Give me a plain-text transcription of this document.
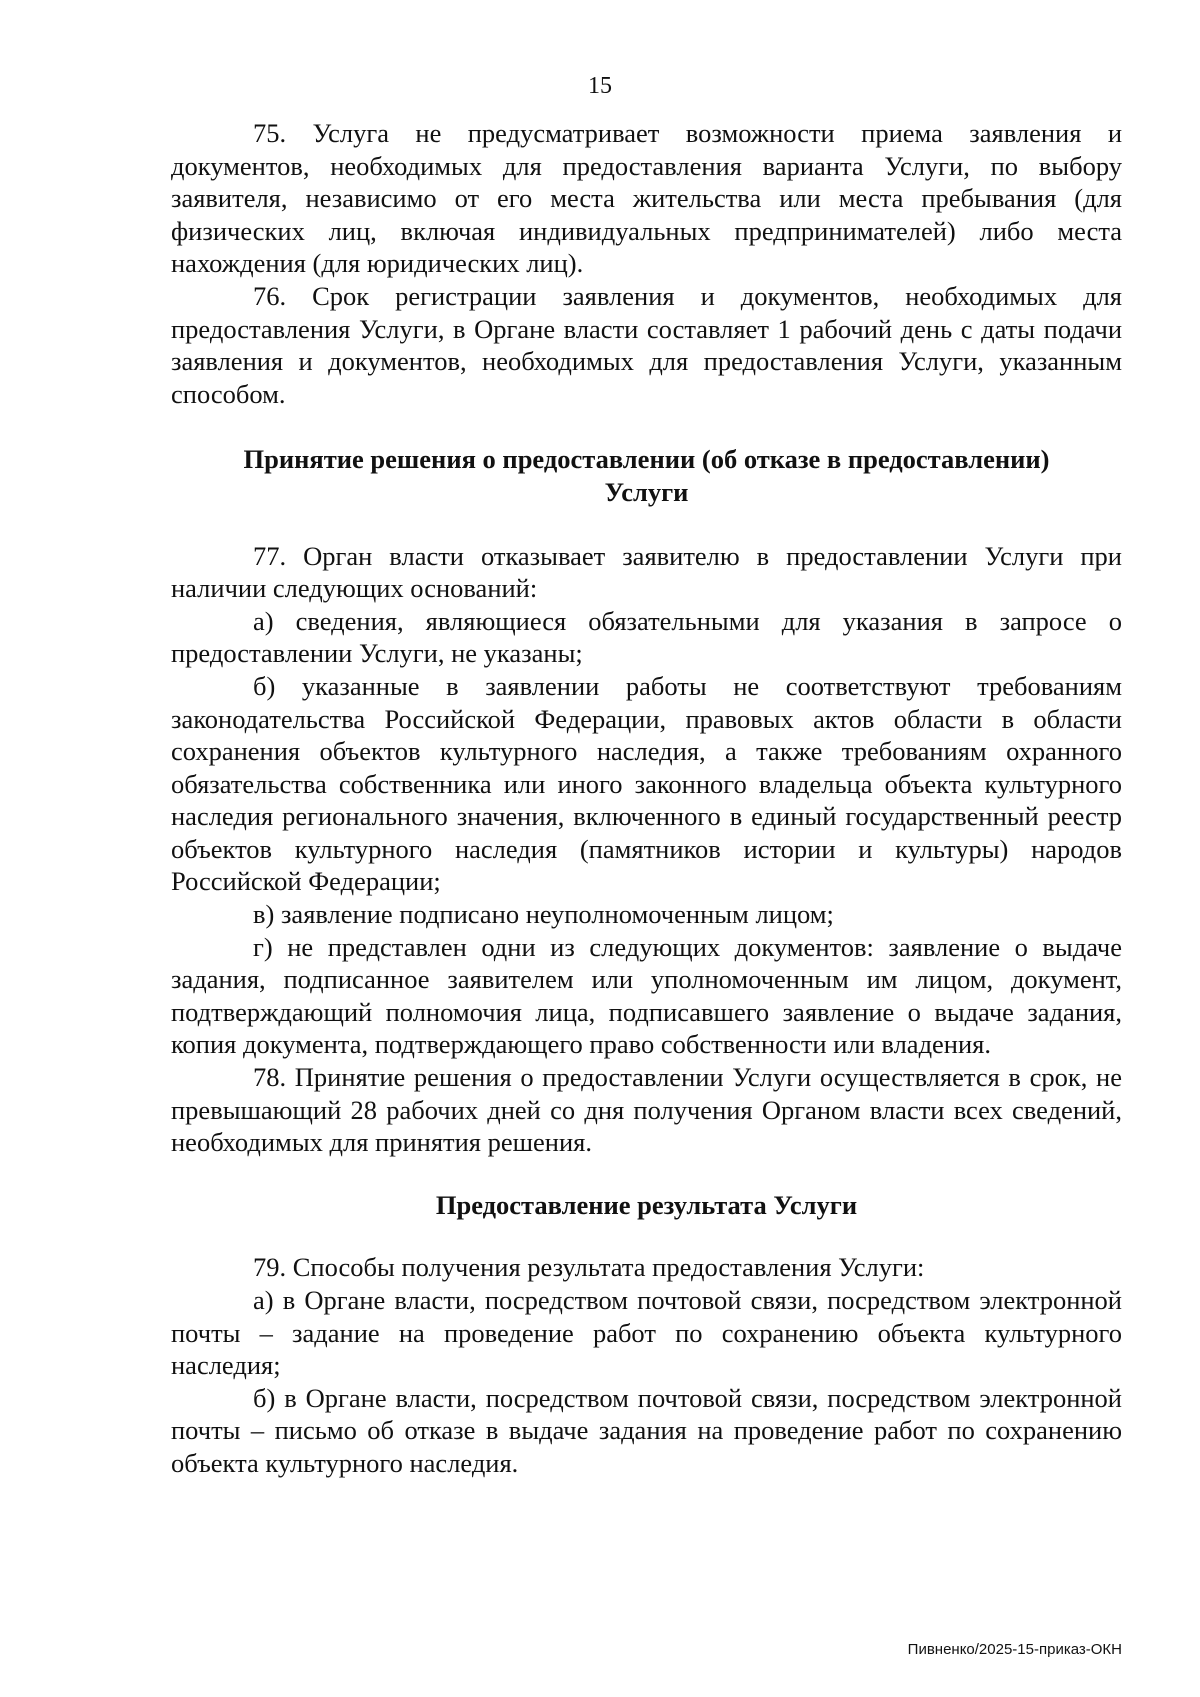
15

75. Услуга не предусматривает возможности приема заявления и документов, необходимых для предоставления варианта Услуги, по выбору заявителя, независимо от его места жительства или места пребывания (для физических лиц, включая индивидуальных предпринимателей) либо места нахождения (для юридических лиц).

76. Срок регистрации заявления и документов, необходимых для предоставления Услуги, в Органе власти составляет 1 рабочий день с даты подачи заявления и документов, необходимых для предоставления Услуги, указанным способом.

Принятие решения о предоставлении (об отказе в предоставлении)
Услуги

77. Орган власти отказывает заявителю в предоставлении Услуги при наличии следующих оснований:

а) сведения, являющиеся обязательными для указания в запросе о предоставлении Услуги, не указаны;

б) указанные в заявлении работы не соответствуют требованиям законодательства Российской Федерации, правовых актов области в области сохранения объектов культурного наследия, а также требованиям охранного обязательства собственника или иного законного владельца объекта культурного наследия регионального значения, включенного в единый государственный реестр объектов культурного наследия (памятников истории и культуры) народов Российской Федерации;

в) заявление подписано неуполномоченным лицом;

г) не представлен одни из следующих документов: заявление о выдаче задания, подписанное заявителем или уполномоченным им лицом, документ, подтверждающий полномочия лица, подписавшего заявление о выдаче задания, копия документа, подтверждающего право собственности или владения.

78. Принятие решения о предоставлении Услуги осуществляется в срок, не превышающий 28 рабочих дней со дня получения Органом власти всех сведений, необходимых для принятия решения.

Предоставление результата Услуги

79. Способы получения результата предоставления Услуги:

а) в Органе власти, посредством почтовой связи, посредством электронной почты – задание на проведение работ по сохранению объекта культурного наследия;

б) в Органе власти, посредством почтовой связи, посредством электронной почты – письмо об отказе в выдаче задания на проведение работ по сохранению объекта культурного наследия.

Пивненко/2025-15-приказ-ОКН
